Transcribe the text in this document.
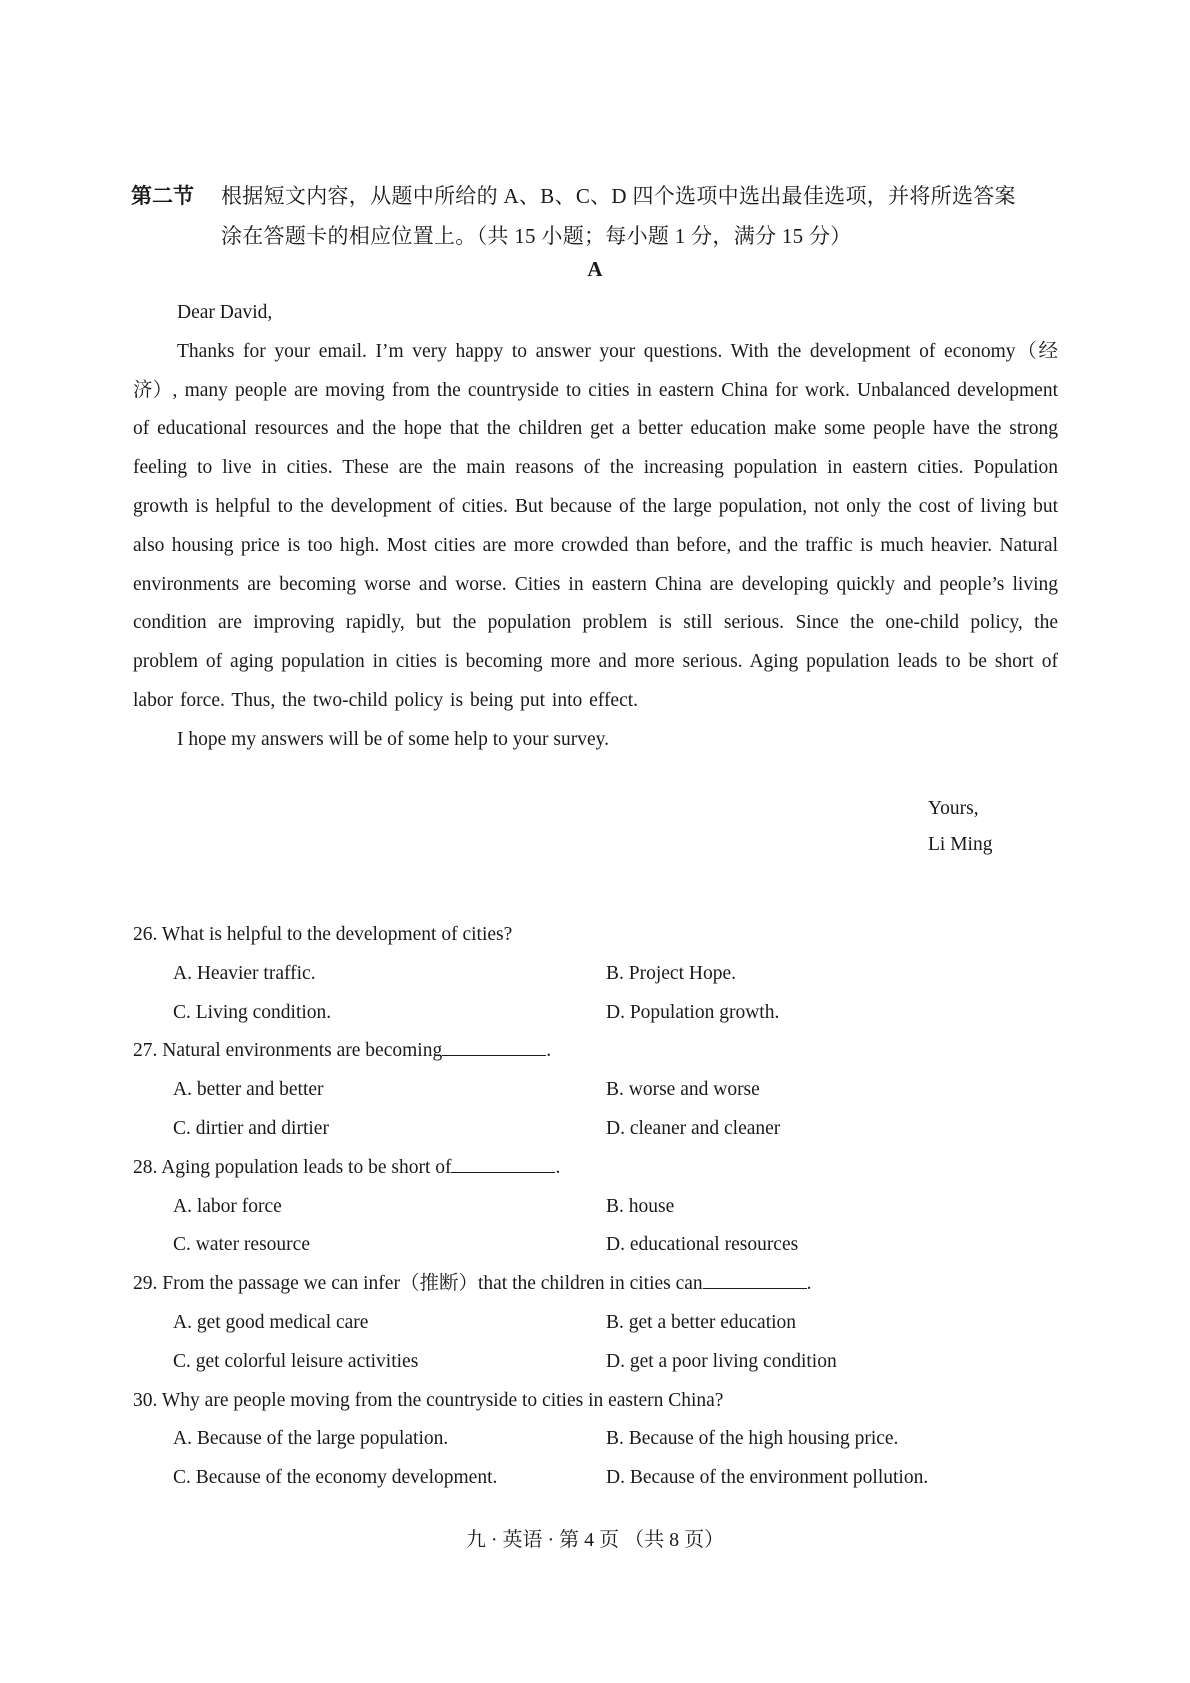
第二节 根据短文内容，从题中所给的 A、B、C、D 四个选项中选出最佳选项，并将所选答案
涂在答题卡的相应位置上。（共 15 小题；每小题 1 分，满分 15 分）
A

Dear David,

Thanks for your email. I’m very happy to answer your questions. With the development of economy（经济）, many people are moving from the countryside to cities in eastern China for work. Unbalanced development of educational resources and the hope that the children get a better education make some people have the strong feeling to live in cities. These are the main reasons of the increasing population in eastern cities. Population growth is helpful to the development of cities. But because of the large population, not only the cost of living but also housing price is too high. Most cities are more crowded than before, and the traffic is much heavier. Natural environments are becoming worse and worse. Cities in eastern China are developing quickly and people’s living condition are improving rapidly, but the population problem is still serious. Since the one-child policy, the problem of aging population in cities is becoming more and more serious. Aging population leads to be short of labor force. Thus, the two-child policy is being put into effect.

I hope my answers will be of some help to your survey.

Yours,
Li Ming

26. What is helpful to the development of cities?

A. Heavier traffic.	B. Project Hope.

C. Living condition.	D. Population growth.

27. Natural environments are becoming	.

A. better and better	B. worse and worse

C. dirtier and dirtier	D. cleaner and cleaner

28. Aging population leads to be short of	.

A. labor force	B. house

C. water resource	D. educational resources

29. From the passage we can infer（推断）that the children in cities can	.

A. get good medical care	B. get a better education

C. get colorful leisure activities	D. get a poor living condition

30. Why are people moving from the countryside to cities in eastern China?

A. Because of the large population.	B. Because of the high housing price.

C. Because of the economy development.	D. Because of the environment pollution.

九 · 英语 · 第 4 页 （共 8 页）
